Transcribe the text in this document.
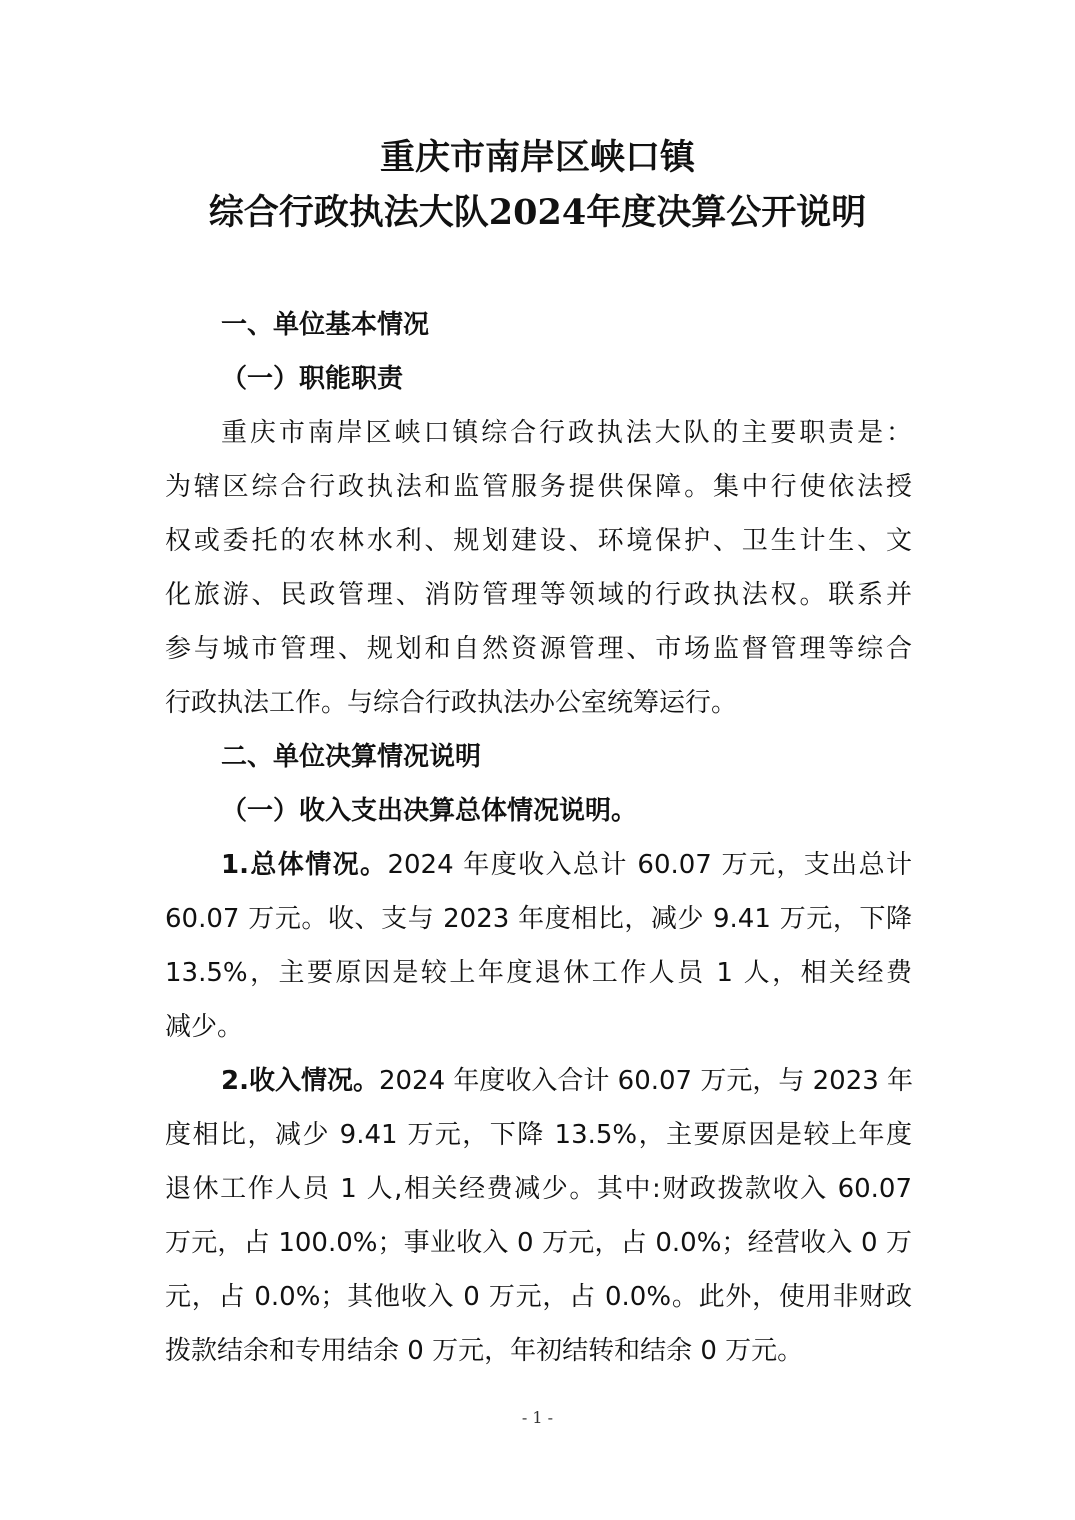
重庆市南岸区峡口镇
综合行政执法大队2024年度决算公开说明
一、单位基本情况
（一）职能职责
重庆市南岸区峡口镇综合行政执法大队的主要职责是：
为辖区综合行政执法和监管服务提供保障。集中行使依法授
权或委托的农林水利、规划建设、环境保护、卫生计生、文
化旅游、民政管理、消防管理等领域的行政执法权。联系并
参与城市管理、规划和自然资源管理、市场监督管理等综合
行政执法工作。与综合行政执法办公室统筹运行。
二、单位决算情况说明
（一）收入支出决算总体情况说明。
1.总体情况。2024 年度收入总计 60.07 万元，支出总计
60.07 万元。收、支与 2023 年度相比，减少 9.41 万元，下降
13.5%，主要原因是较上年度退休工作人员 1 人，相关经费
减少。
2.收入情况。2024 年度收入合计 60.07 万元，与 2023 年
度相比，减少 9.41 万元，下降 13.5%，主要原因是较上年度
退休工作人员 1 人,相关经费减少。其中:财政拨款收入 60.07
万元，占 100.0%；事业收入 0 万元，占 0.0%；经营收入 0 万
元，占 0.0%；其他收入 0 万元，占 0.0%。此外，使用非财政
拨款结余和专用结余 0 万元，年初结转和结余 0 万元。
- 1 -
